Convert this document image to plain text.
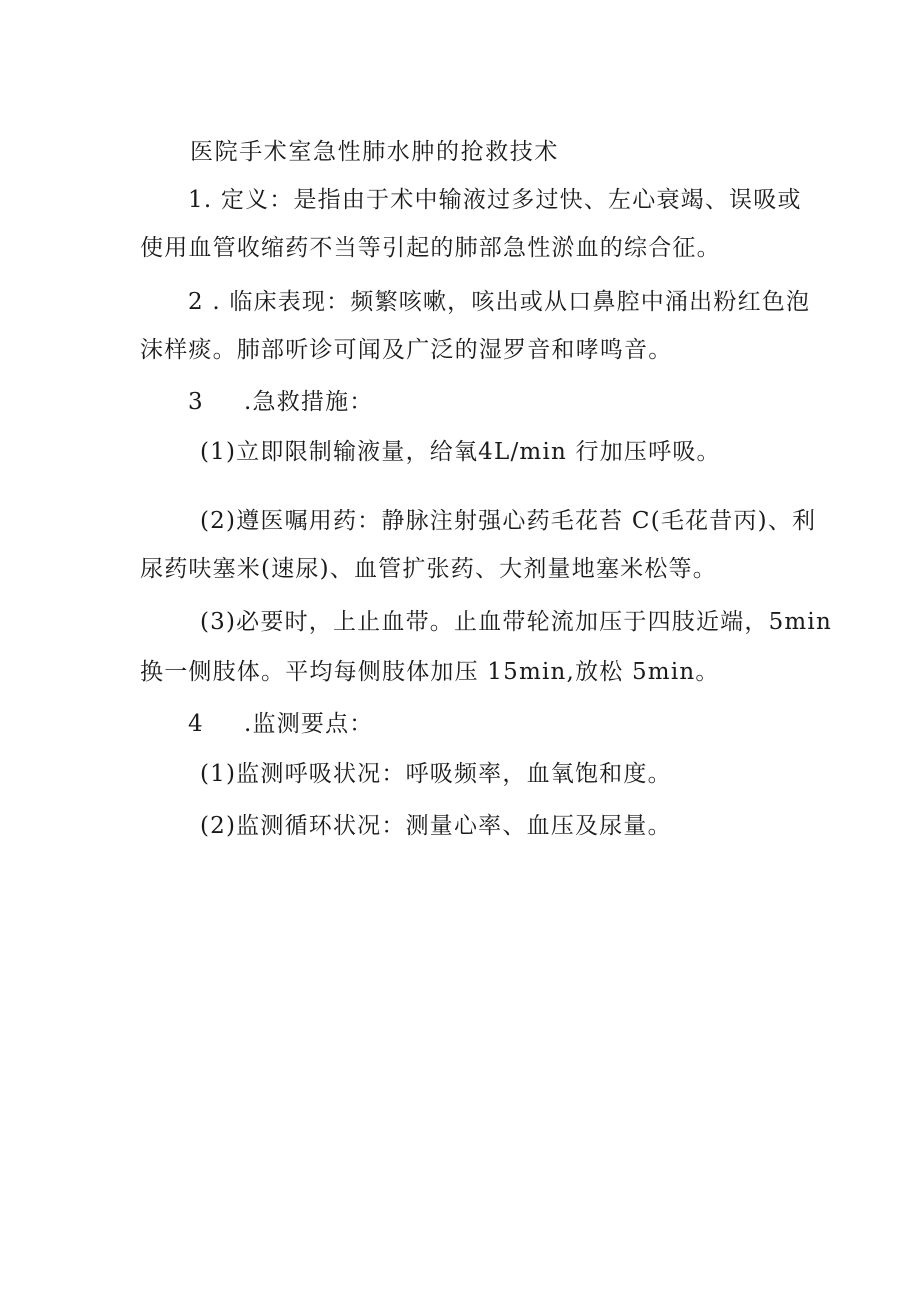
医院手术室急性肺水肿的抢救技术
1. 定义：是指由于术中输液过多过快、左心衰竭、误吸或
使用血管收缩药不当等引起的肺部急性淤血的综合征。
2 . 临床表现：频繁咳嗽，咳出或从口鼻腔中涌出粉红色泡
沫样痰。肺部听诊可闻及广泛的湿罗音和哮鸣音。
3 .急救措施：
(1)立即限制输液量，给氧4L/min 行加压呼吸。
(2)遵医嘱用药：静脉注射强心药毛花苔 C(毛花昔丙)、利
尿药呋塞米(速尿)、血管扩张药、大剂量地塞米松等。
(3)必要时，上止血带。止血带轮流加压于四肢近端，5min
换一侧肢体。平均每侧肢体加压 15min,放松 5min。
4 .监测要点：
(1)监测呼吸状况：呼吸频率，血氧饱和度。
(2)监测循环状况：测量心率、血压及尿量。
